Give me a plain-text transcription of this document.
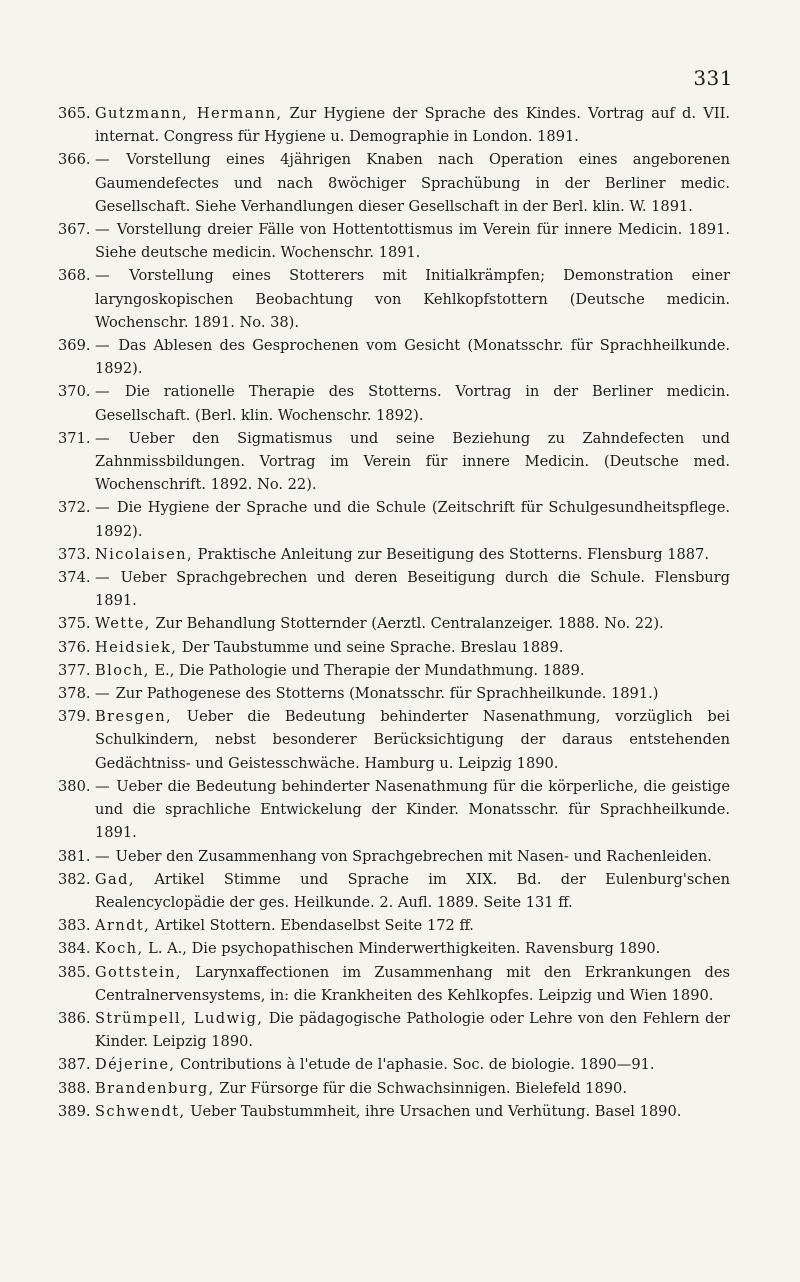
331
365. Gutzmann, Hermann, Zur Hygiene der Sprache des Kindes. Vortrag auf d. VII. internat. Congress für Hygiene u. Demographie in London. 1891.
366. — Vorstellung eines 4jährigen Knaben nach Operation eines angeborenen Gaumendefectes und nach 8wöchiger Sprachübung in der Berliner medic. Gesellschaft. Siehe Verhandlungen dieser Gesellschaft in der Berl. klin. W. 1891.
367. — Vorstellung dreier Fälle von Hottentottismus im Verein für innere Medicin. 1891. Siehe deutsche medicin. Wochenschr. 1891.
368. — Vorstellung eines Stotterers mit Initialkrämpfen; Demonstration einer laryngoskopischen Beobachtung von Kehlkopfstottern (Deutsche medicin. Wochenschr. 1891. No. 38).
369. — Das Ablesen des Gesprochenen vom Gesicht (Monatsschr. für Sprachheilkunde. 1892).
370. — Die rationelle Therapie des Stotterns. Vortrag in der Berliner medicin. Gesellschaft. (Berl. klin. Wochenschr. 1892).
371. — Ueber den Sigmatismus und seine Beziehung zu Zahndefecten und Zahnmissbildungen. Vortrag im Verein für innere Medicin. (Deutsche med. Wochenschrift. 1892. No. 22).
372. — Die Hygiene der Sprache und die Schule (Zeitschrift für Schulgesundheitspflege. 1892).
373. Nicolaisen, Praktische Anleitung zur Beseitigung des Stotterns. Flensburg 1887.
374. — Ueber Sprachgebrechen und deren Beseitigung durch die Schule. Flensburg 1891.
375. Wette, Zur Behandlung Stotternder (Aerztl. Centralanzeiger. 1888. No. 22).
376. Heidsiek, Der Taubstumme und seine Sprache. Breslau 1889.
377. Bloch, E., Die Pathologie und Therapie der Mundathmung. 1889.
378. — Zur Pathogenese des Stotterns (Monatsschr. für Sprachheilkunde. 1891.)
379. Bresgen, Ueber die Bedeutung behinderter Nasenathmung, vorzüglich bei Schulkindern, nebst besonderer Berücksichtigung der daraus entstehenden Gedächtniss- und Geistesschwäche. Hamburg u. Leipzig 1890.
380. — Ueber die Bedeutung behinderter Nasenathmung für die körperliche, die geistige und die sprachliche Entwickelung der Kinder. Monatsschr. für Sprachheilkunde. 1891.
381. — Ueber den Zusammenhang von Sprachgebrechen mit Nasen- und Rachenleiden.
382. Gad, Artikel Stimme und Sprache im XIX. Bd. der Eulenburg'schen Realencyclopädie der ges. Heilkunde. 2. Aufl. 1889. Seite 131 ff.
383. Arndt, Artikel Stottern. Ebendaselbst Seite 172 ff.
384. Koch, L. A., Die psychopathischen Minderwerthigkeiten. Ravensburg 1890.
385. Gottstein, Larynxaffectionen im Zusammenhang mit den Erkrankungen des Centralnervensystems, in: die Krankheiten des Kehlkopfes. Leipzig und Wien 1890.
386. Strümpell, Ludwig, Die pädagogische Pathologie oder Lehre von den Fehlern der Kinder. Leipzig 1890.
387. Déjerine, Contributions à l'etude de l'aphasie. Soc. de biologie. 1890—91.
388. Brandenburg, Zur Fürsorge für die Schwachsinnigen. Bielefeld 1890.
389. Schwendt, Ueber Taubstummheit, ihre Ursachen und Verhütung. Basel 1890.
